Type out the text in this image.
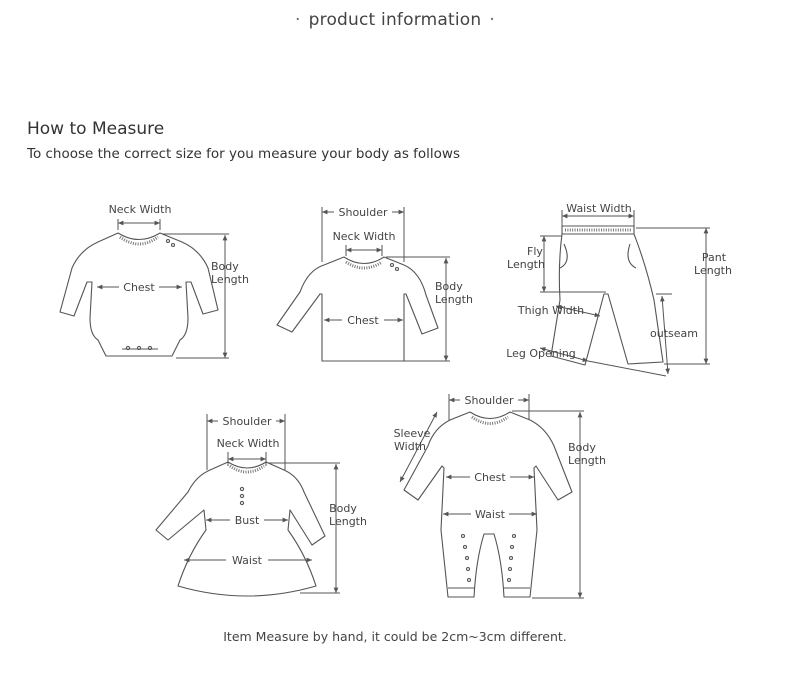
· product information ·
How to Measure
To choose the correct size for you measure your body as follows
Neck Width
Chest
Body
Length
Shoulder
Neck Width
Chest
Body
Length
Waist Width
Fly
Length
Pant
Length
Thigh Width
outseam
Leg Opening
Shoulder
Neck Width
Bust
Waist
Body
Length
Shoulder
Sleeve
Width
Chest
Waist
Body
Length
Item Measure by hand, it could be 2cm~3cm different.
